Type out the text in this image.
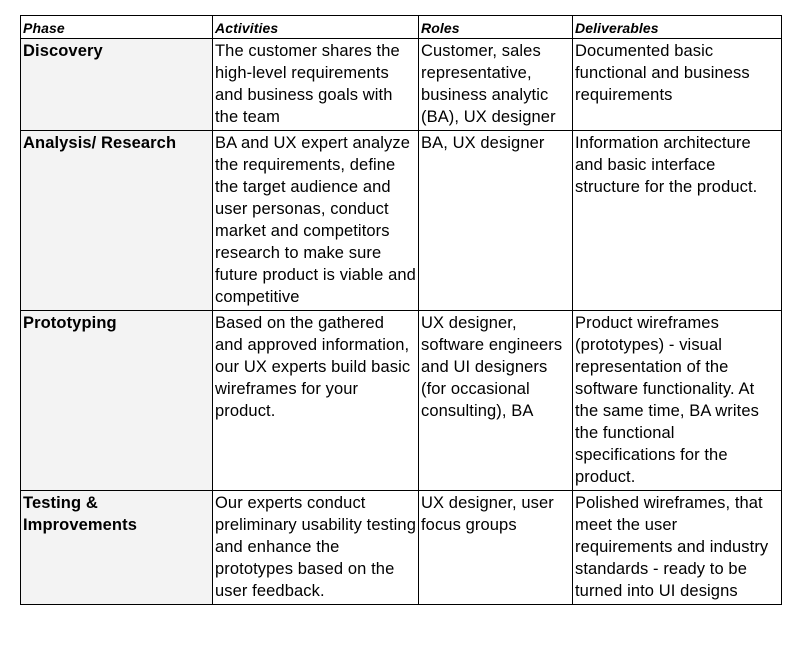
Phase	Activities	Roles	Deliverables
Discovery	The customer shares the high-level requirements and business goals with the team	Customer, sales representative, business analytic (BA), UX designer	Documented basic functional and business requirements
Analysis/ Research	BA and UX expert analyze the requirements, define the target audience and user personas, conduct market and competitors research to make sure future product is viable and competitive	BA, UX designer	Information architecture and basic interface structure for the product.
Prototyping	Based on the gathered and approved information, our UX experts build basic wireframes for your product.	UX designer, software engineers and UI designers (for occasional consulting), BA	Product wireframes (prototypes) - visual representation of the software functionality. At the same time, BA writes the functional specifications for the product.
Testing & Improvements	Our experts conduct preliminary usability testing and enhance the prototypes based on the user feedback.	UX designer, user focus groups	Polished wireframes, that meet the user requirements and industry standards - ready to be turned into UI designs
